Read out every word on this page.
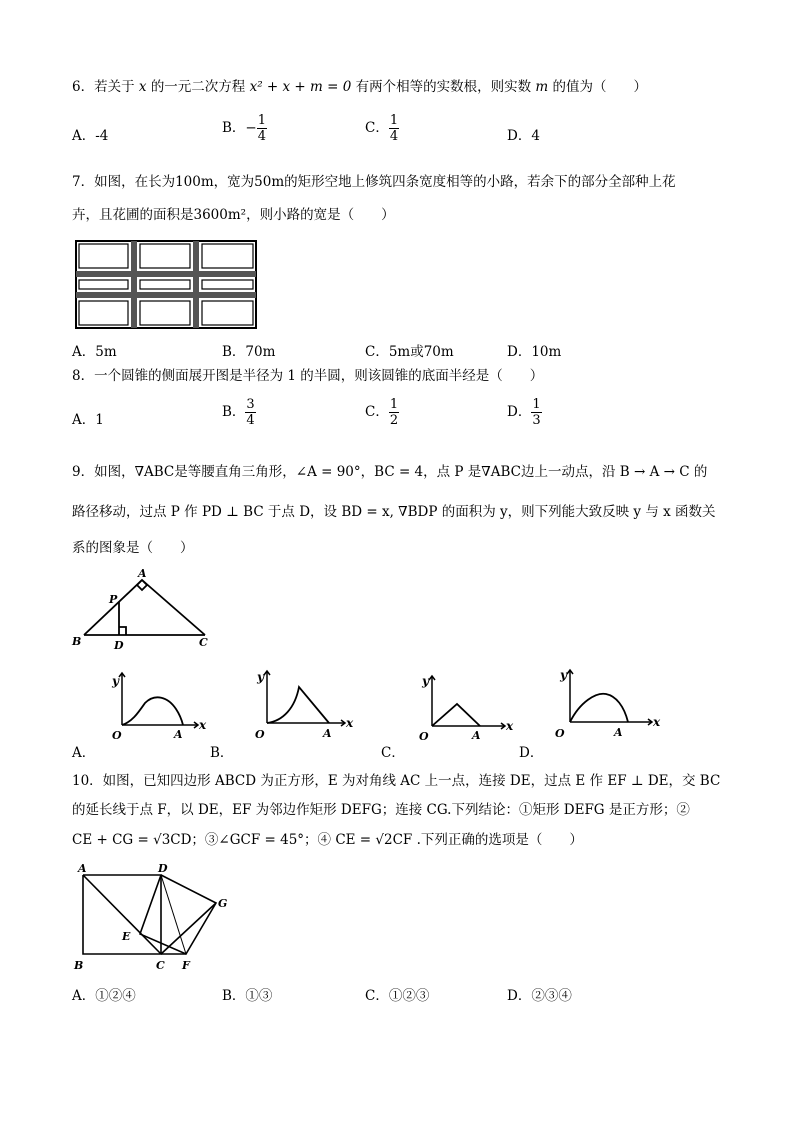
6．若关于 x 的一元二次方程 x² + x + m = 0 有两个相等的实数根，则实数 m 的值为（　　）
A．-4	B．− $\frac{1}{4}$	C． $\frac{1}{4}$	D．4
7．如图，在长为100m，宽为50m的矩形空地上修筑四条宽度相等的小路，若余下的部分全部种上花
卉，且花圃的面积是3600m²，则小路的宽是（　　）
A．5m	B．70m	C．5m或70m	D．10m
8．一个圆锥的侧面展开图是半径为 1 的半圆，则该圆锥的底面半经是（　　）
A．1	B． $\frac{3}{4}$	C． $\frac{1}{2}$	D． $\frac{1}{3}$
9．如图，∇ABC是等腰直角三角形，∠A = 90°，BC = 4，点 P 是∇ABC边上一动点，沿 B → A → C 的
路径移动，过点 P 作 PD ⊥ BC 于点 D，设 BD = x, ∇BDP 的面积为 y，则下列能大致反映 y 与 x 函数关
系的图象是（　　）
A
B	C
D
P
y
x
O	A
A．
y
x
O	A
B．
y
x
O	A
C．
y
x
O	A
D．
10．如图，已知四边形 ABCD 为正方形，E 为对角线 AC 上一点，连接 DE，过点 E 作 EF ⊥ DE，交 BC
的延长线于点 F，以 DE，EF 为邻边作矩形 DEFG；连接 CG.下列结论：①矩形 DEFG 是正方形；②
CE + CG = √3CD；③∠GCF = 45°；④ CE = √2CF .下列正确的选项是（　　）
A	D
B	C F
G
E
A．①②④	B．①③	C．①②③	D．②③④
